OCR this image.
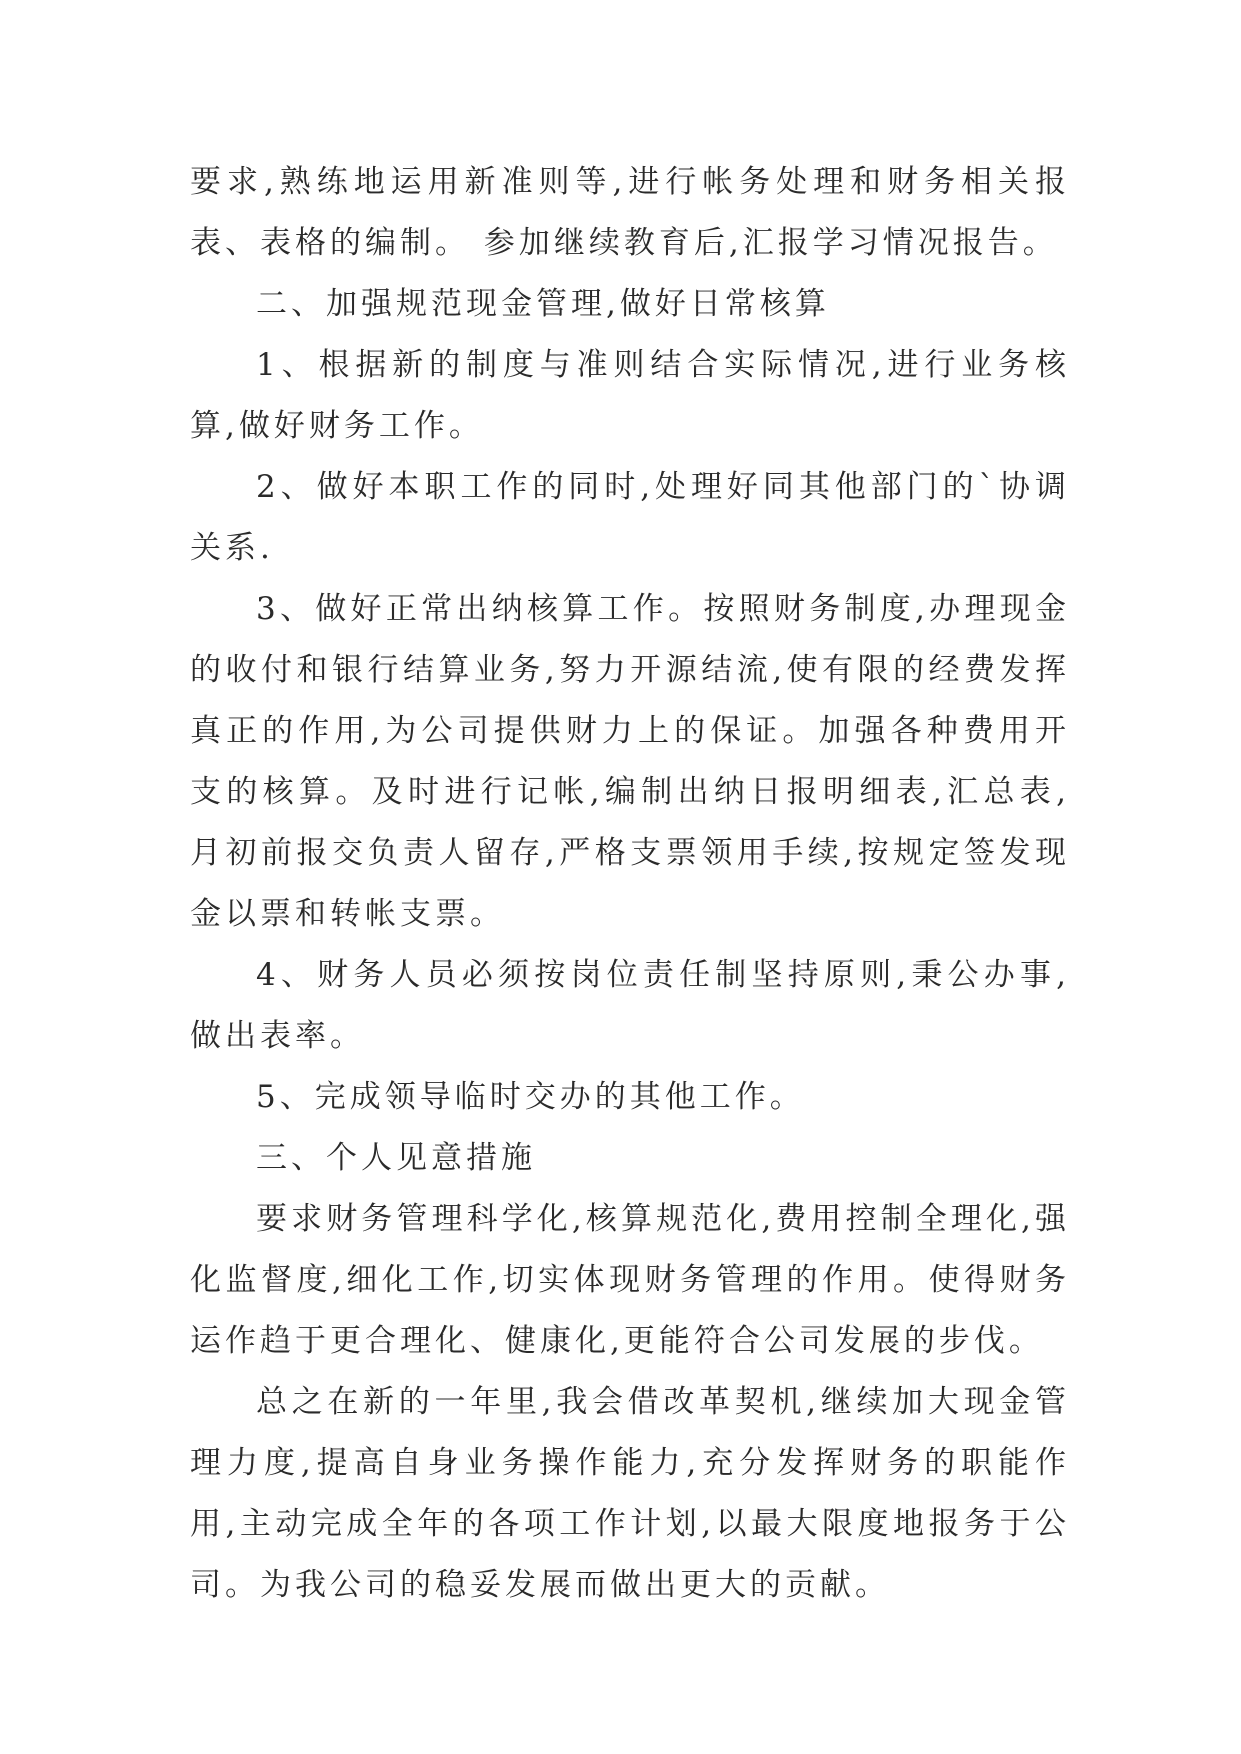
要求,熟练地运用新准则等,进行帐务处理和财务相关报表、表格的编制。 参加继续教育后,汇报学习情况报告。

二、加强规范现金管理,做好日常核算

1、根据新的制度与准则结合实际情况,进行业务核算,做好财务工作。

2、做好本职工作的同时,处理好同其他部门的`协调关系.

3、做好正常出纳核算工作。按照财务制度,办理现金的收付和银行结算业务,努力开源结流,使有限的经费发挥真正的作用,为公司提供财力上的保证。加强各种费用开支的核算。及时进行记帐,编制出纳日报明细表,汇总表,月初前报交负责人留存,严格支票领用手续,按规定签发现金以票和转帐支票。

4、财务人员必须按岗位责任制坚持原则,秉公办事,做出表率。

5、完成领导临时交办的其他工作。

三、个人见意措施

要求财务管理科学化,核算规范化,费用控制全理化,强化监督度,细化工作,切实体现财务管理的作用。使得财务运作趋于更合理化、健康化,更能符合公司发展的步伐。

总之在新的一年里,我会借改革契机,继续加大现金管理力度,提高自身业务操作能力,充分发挥财务的职能作用,主动完成全年的各项工作计划,以最大限度地报务于公司。为我公司的稳妥发展而做出更大的贡献。
